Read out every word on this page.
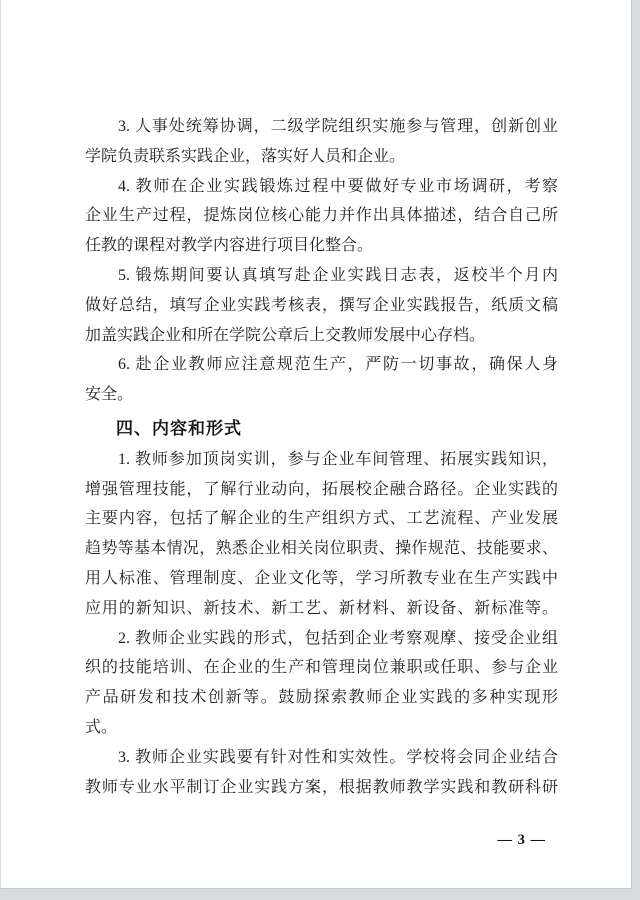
3. 人事处统筹协调，二级学院组织实施参与管理，创新创业
学院负责联系实践企业，落实好人员和企业。
4. 教师在企业实践锻炼过程中要做好专业市场调研，考察
企业生产过程，提炼岗位核心能力并作出具体描述，结合自己所
任教的课程对教学内容进行项目化整合。
5. 锻炼期间要认真填写赴企业实践日志表，返校半个月内
做好总结，填写企业实践考核表，撰写企业实践报告，纸质文稿
加盖实践企业和所在学院公章后上交教师发展中心存档。
6. 赴企业教师应注意规范生产，严防一切事故，确保人身
安全。
四、内容和形式
1. 教师参加顶岗实训，参与企业车间管理、拓展实践知识，
增强管理技能，了解行业动向，拓展校企融合路径。企业实践的
主要内容，包括了解企业的生产组织方式、工艺流程、产业发展
趋势等基本情况，熟悉企业相关岗位职责、操作规范、技能要求、
用人标准、管理制度、企业文化等，学习所教专业在生产实践中
应用的新知识、新技术、新工艺、新材料、新设备、新标准等。
2. 教师企业实践的形式，包括到企业考察观摩、接受企业组
织的技能培训、在企业的生产和管理岗位兼职或任职、参与企业
产品研发和技术创新等。鼓励探索教师企业实践的多种实现形
式。
3. 教师企业实践要有针对性和实效性。学校将会同企业结合
教师专业水平制订企业实践方案，根据教师教学实践和教研科研
— 3 —
